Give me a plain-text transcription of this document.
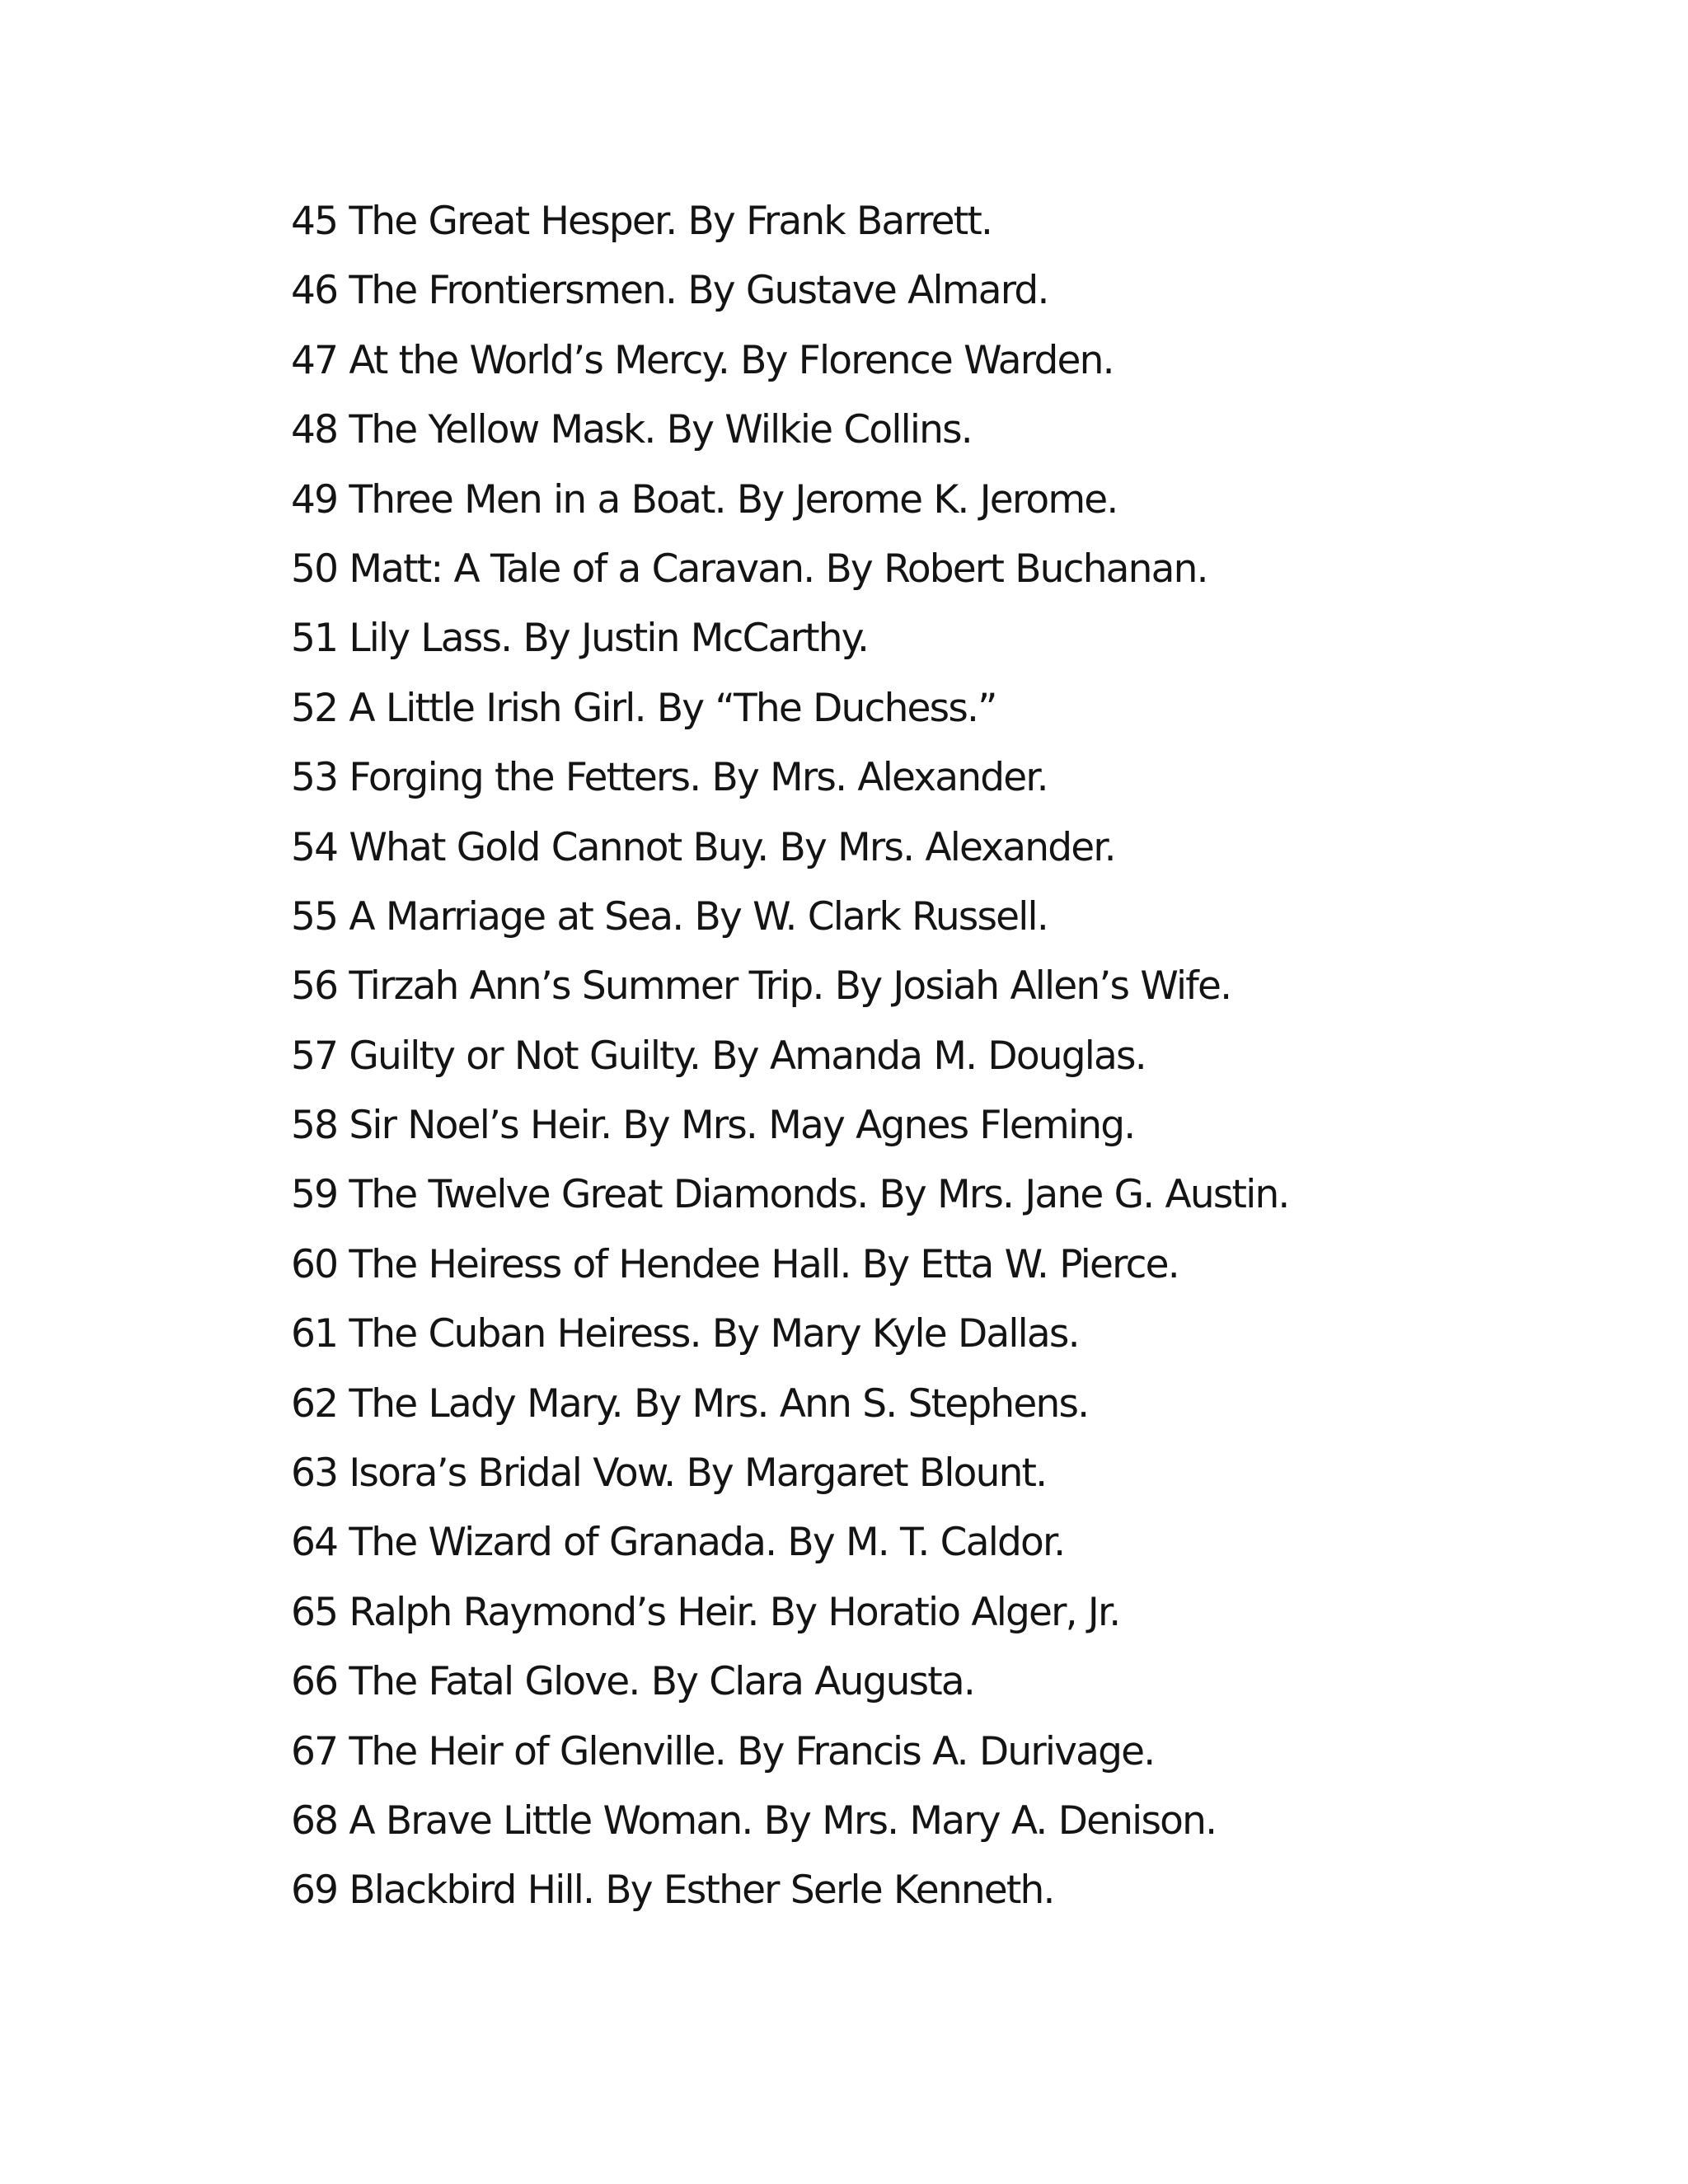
45 The Great Hesper. By Frank Barrett.
46 The Frontiersmen. By Gustave Almard.
47 At the World’s Mercy. By Florence Warden.
48 The Yellow Mask. By Wilkie Collins.
49 Three Men in a Boat. By Jerome K. Jerome.
50 Matt: A Tale of a Caravan. By Robert Buchanan.
51 Lily Lass. By Justin McCarthy.
52 A Little Irish Girl. By “The Duchess.”
53 Forging the Fetters. By Mrs. Alexander.
54 What Gold Cannot Buy. By Mrs. Alexander.
55 A Marriage at Sea. By W. Clark Russell.
56 Tirzah Ann’s Summer Trip. By Josiah Allen’s Wife.
57 Guilty or Not Guilty. By Amanda M. Douglas.
58 Sir Noel’s Heir. By Mrs. May Agnes Fleming.
59 The Twelve Great Diamonds. By Mrs. Jane G. Austin.
60 The Heiress of Hendee Hall. By Etta W. Pierce.
61 The Cuban Heiress. By Mary Kyle Dallas.
62 The Lady Mary. By Mrs. Ann S. Stephens.
63 Isora’s Bridal Vow. By Margaret Blount.
64 The Wizard of Granada. By M. T. Caldor.
65 Ralph Raymond’s Heir. By Horatio Alger, Jr.
66 The Fatal Glove. By Clara Augusta.
67 The Heir of Glenville. By Francis A. Durivage.
68 A Brave Little Woman. By Mrs. Mary A. Denison.
69 Blackbird Hill. By Esther Serle Kenneth.
